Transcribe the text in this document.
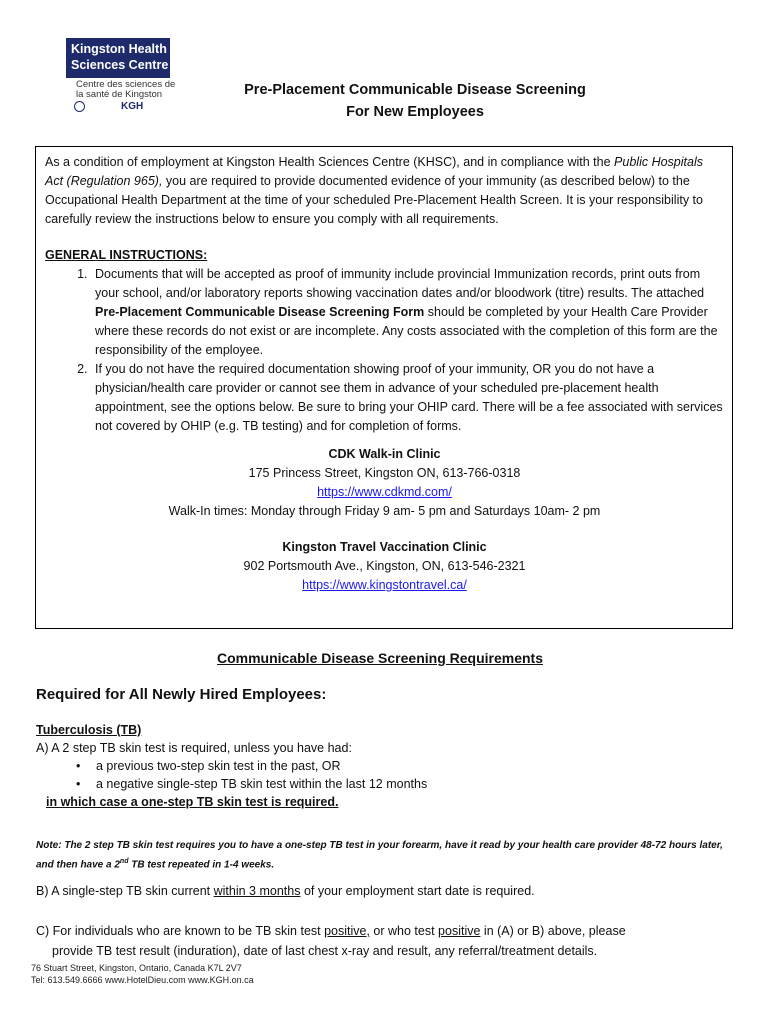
Kingston Health
Sciences Centre
Centre des sciences de
la santé de Kingston
KGH
Pre-Placement Communicable Disease Screening
For New Employees

As a condition of employment at Kingston Health Sciences Centre (KHSC), and in compliance with the Public Hospitals Act (Regulation 965), you are required to provide documented evidence of your immunity (as described below) to the Occupational Health Department at the time of your scheduled Pre-Placement Health Screen. It is your responsibility to carefully review the instructions below to ensure you comply with all requirements.

GENERAL INSTRUCTIONS:

1. Documents that will be accepted as proof of immunity include provincial Immunization records, print outs from your school, and/or laboratory reports showing vaccination dates and/or bloodwork (titre) results. The attached Pre-Placement Communicable Disease Screening Form should be completed by your Health Care Provider where these records do not exist or are incomplete. Any costs associated with the completion of this form are the responsibility of the employee.
2. If you do not have the required documentation showing proof of your immunity, OR you do not have a physician/health care provider or cannot see them in advance of your scheduled pre-placement health appointment, see the options below. Be sure to bring your OHIP card. There will be a fee associated with services not covered by OHIP (e.g. TB testing) and for completion of forms.

CDK Walk-in Clinic

175 Princess Street, Kingston ON, 613-766-0318

https://www.cdkmd.com/

Walk-In times: Monday through Friday 9 am- 5 pm and Saturdays 10am- 2 pm

Kingston Travel Vaccination Clinic

902 Portsmouth Ave., Kingston, ON, 613-546-2321

https://www.kingstontravel.ca/

Communicable Disease Screening Requirements
Required for All Newly Hired Employees:

Tuberculosis (TB)

A) A 2 step TB skin test is required, unless you have had:

• a previous two-step skin test in the past, OR
• a negative single-step TB skin test within the last 12 months

in which case a one-step TB skin test is required.

Note: The 2 step TB skin test requires you to have a one-step TB test in your forearm, have it read by your health care provider 48-72 hours later, and then have a 2nd TB test repeated in 1-4 weeks.
B) A single-step TB skin current within 3 months of your employment start date is required.
C) For individuals who are known to be TB skin test positive, or who test positive in (A) or B) above, please
provide TB test result (induration), date of last chest x-ray and result, any referral/treatment details.
76 Stuart Street, Kingston, Ontario, Canada K7L 2V7
Tel: 613.549.6666 www.HotelDieu.com www.KGH.on.ca
